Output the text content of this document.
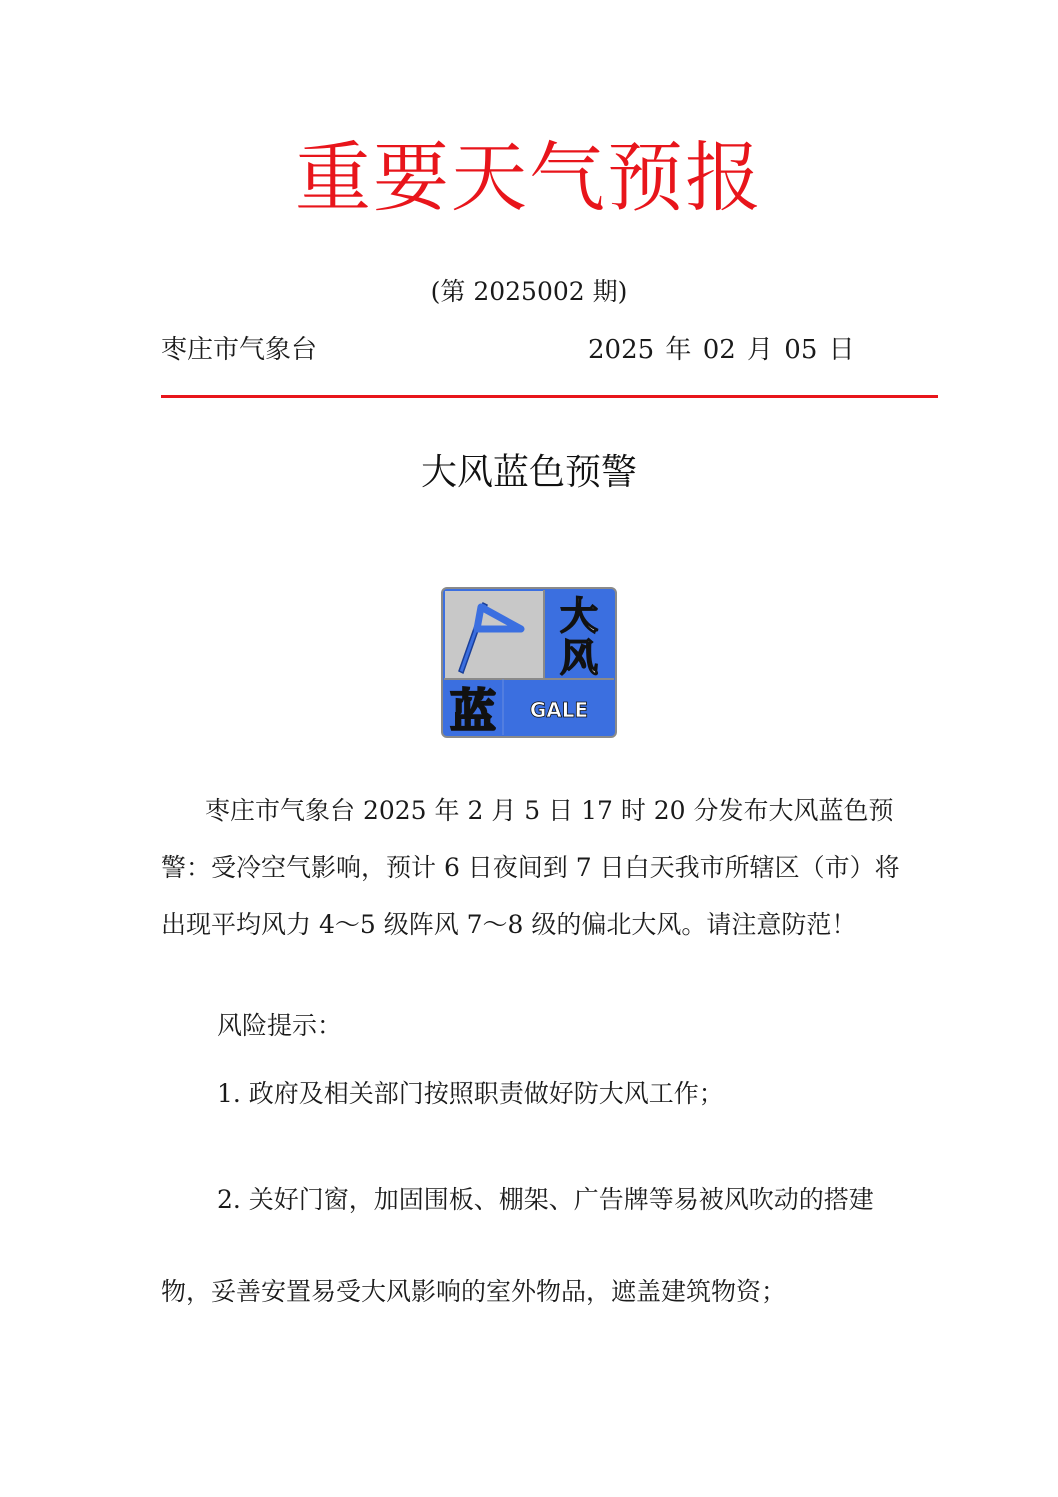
重要天气预报
(第 2025002 期)
枣庄市气象台	2025 年 02 月 05 日
大风蓝色预警
大
风
蓝 GALE
枣庄市气象台 2025 年 2 月 5 日 17 时 20 分发布大风蓝色预警：受冷空气影响，预计 6 日夜间到 7 日白天我市所辖区（市）将出现平均风力 4～5 级阵风 7～8 级的偏北大风。请注意防范！
风险提示：
1. 政府及相关部门按照职责做好防大风工作；
2. 关好门窗，加固围板、棚架、广告牌等易被风吹动的搭建物，妥善安置易受大风影响的室外物品，遮盖建筑物资；
